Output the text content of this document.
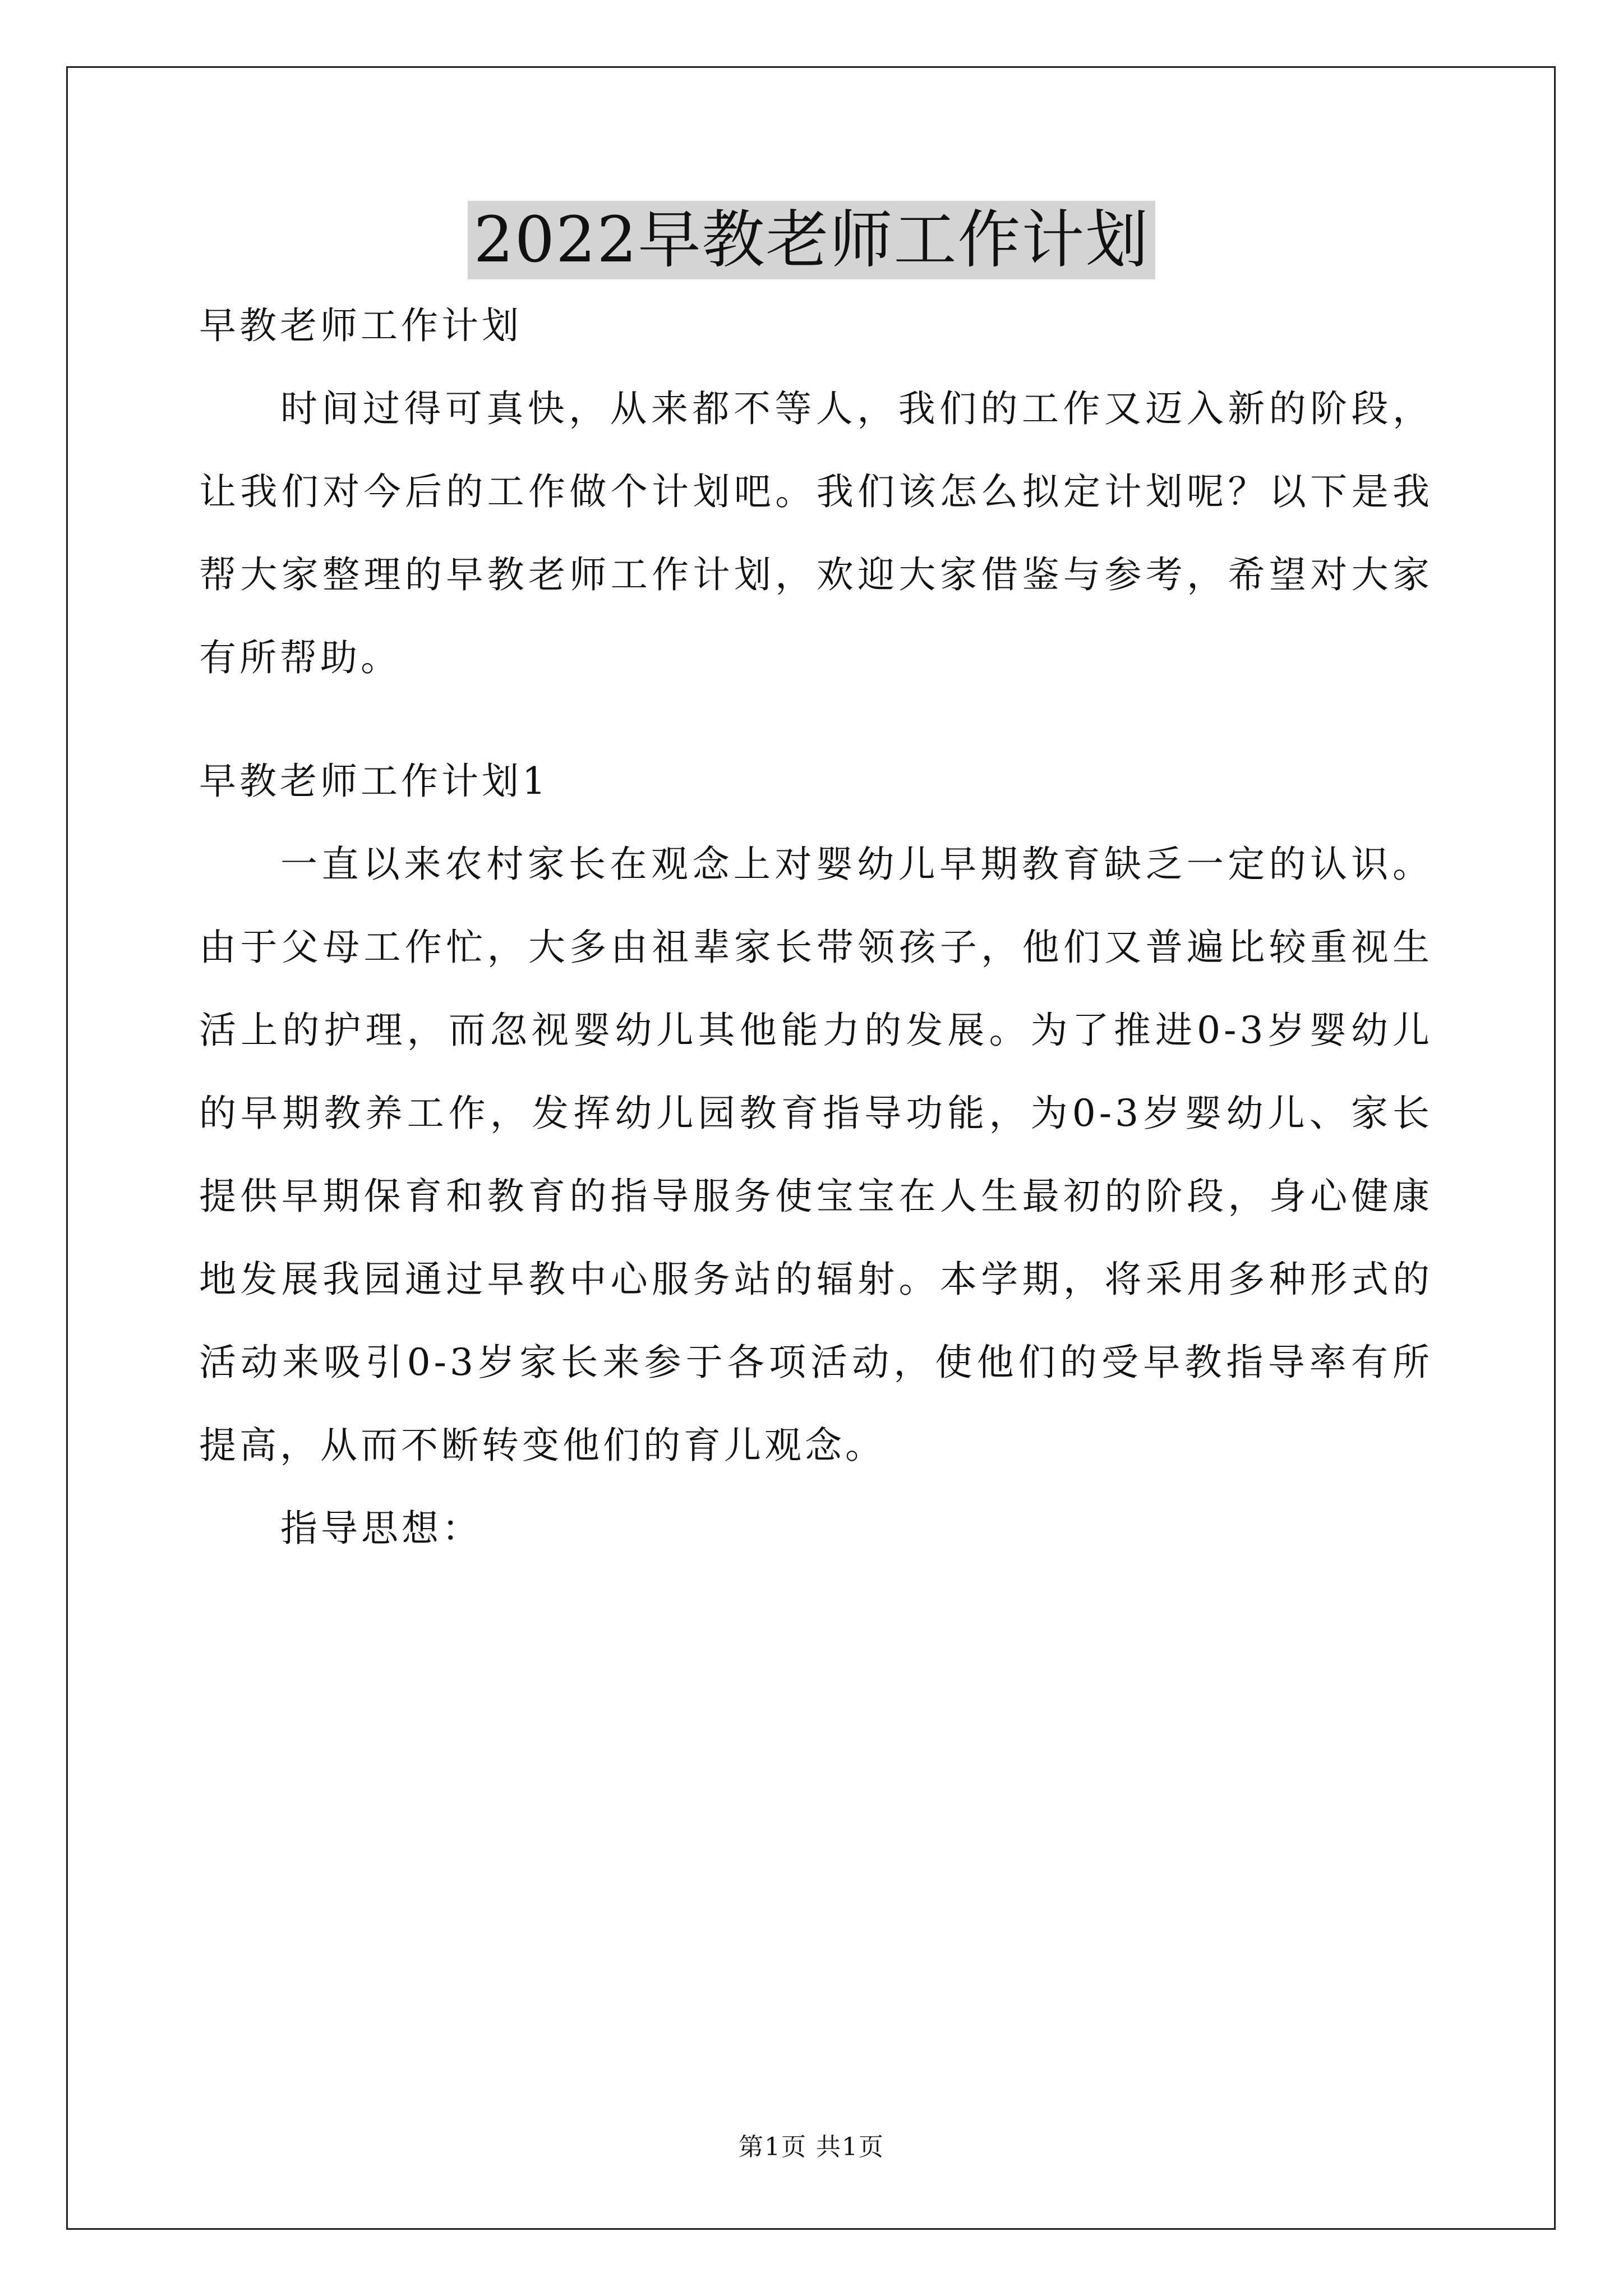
2022早教老师工作计划
早教老师工作计划
时间过得可真快，从来都不等人，我们的工作又迈入新的阶段，
让我们对今后的工作做个计划吧。我们该怎么拟定计划呢？以下是我
帮大家整理的早教老师工作计划，欢迎大家借鉴与参考，希望对大家
有所帮助。
早教老师工作计划1
一直以来农村家长在观念上对婴幼儿早期教育缺乏一定的认识。
由于父母工作忙，大多由祖辈家长带领孩子，他们又普遍比较重视生
活上的护理，而忽视婴幼儿其他能力的发展。为了推进0-3岁婴幼儿
的早期教养工作，发挥幼儿园教育指导功能，为0-3岁婴幼儿、家长
提供早期保育和教育的指导服务使宝宝在人生最初的阶段，身心健康
地发展我园通过早教中心服务站的辐射。本学期，将采用多种形式的
活动来吸引0-3岁家长来参于各项活动，使他们的受早教指导率有所
提高，从而不断转变他们的育儿观念。
指导思想：
第1页 共1页
